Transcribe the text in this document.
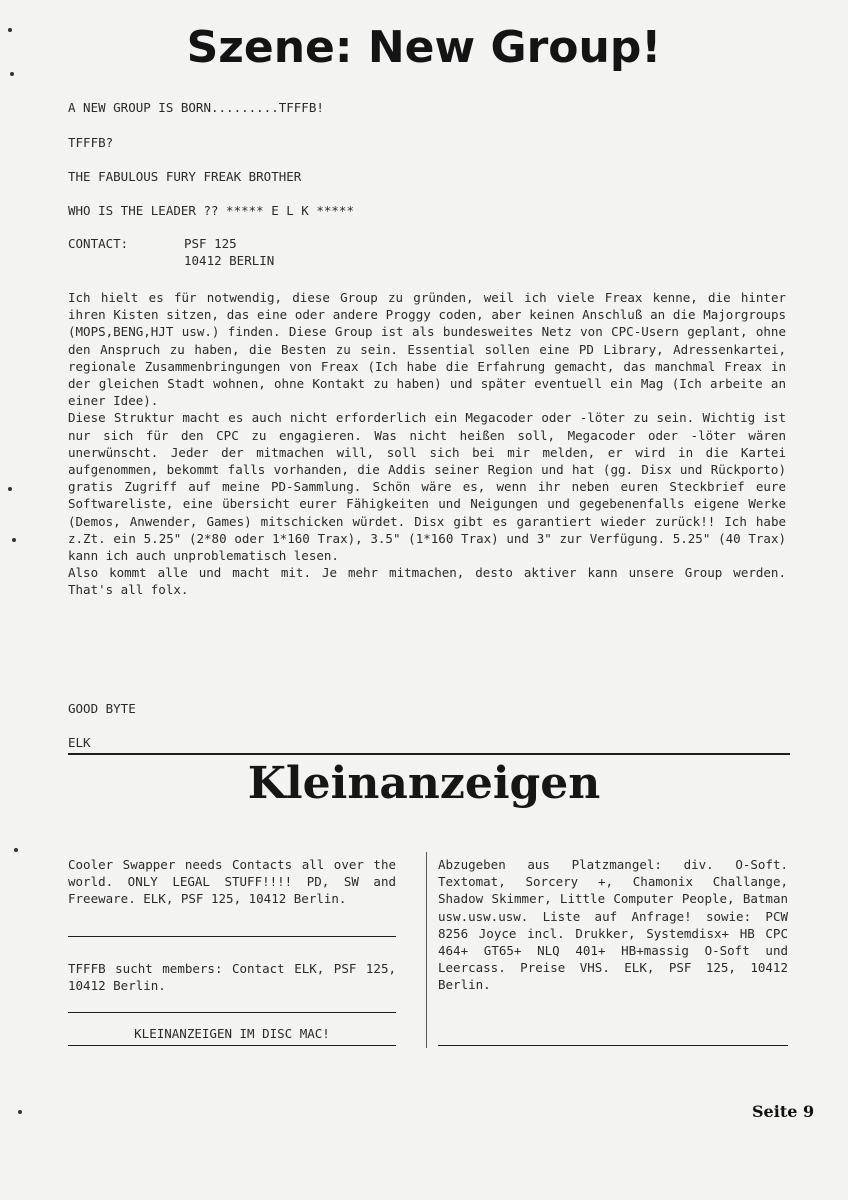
Szene: New Group!
A NEW GROUP IS BORN.........TFFFB!
TFFFB?
THE FABULOUS FURY FREAK BROTHER
WHO IS THE LEADER ?? ***** E L K *****
CONTACT:	PSF 125
10412 BERLIN

Ich hielt es für notwendig, diese Group zu gründen, weil ich viele Freax kenne, die hinter ihren Kisten sitzen, das eine oder andere Proggy coden, aber keinen Anschluß an die Majorgroups (MOPS,BENG,HJT usw.) finden. Diese Group ist als bundesweites Netz von CPC-Usern geplant, ohne den Anspruch zu haben, die Besten zu sein. Essential sollen eine PD Library, Adressenkartei, regionale Zusammenbringungen von Freax (Ich habe die Erfahrung gemacht, das manchmal Freax in der gleichen Stadt wohnen, ohne Kontakt zu haben) und später eventuell ein Mag (Ich arbeite an einer Idee).

Diese Struktur macht es auch nicht erforderlich ein Megacoder oder -löter zu sein. Wichtig ist nur sich für den CPC zu engagieren. Was nicht heißen soll, Megacoder oder -löter wären unerwünscht. Jeder der mitmachen will, soll sich bei mir melden, er wird in die Kartei aufgenommen, bekommt falls vorhanden, die Addis seiner Region und hat (gg. Disx und Rückporto) gratis Zugriff auf meine PD-Sammlung. Schön wäre es, wenn ihr neben euren Steckbrief eure Softwareliste, eine übersicht eurer Fähigkeiten und Neigungen und gegebenenfalls eigene Werke (Demos, Anwender, Games) mitschicken würdet. Disx gibt es garantiert wieder zurück!! Ich habe z.Zt. ein 5.25" (2*80 oder 1*160 Trax), 3.5" (1*160 Trax) und 3" zur Verfügung. 5.25" (40 Trax) kann ich auch unproblematisch lesen.

Also kommt alle und macht mit. Je mehr mitmachen, desto aktiver kann unsere Group werden. That's all folx.

GOOD BYTE
ELK
Kleinanzeigen
Cooler Swapper needs Contacts all over the world. ONLY LEGAL STUFF!!!! PD, SW and Freeware. ELK, PSF 125, 10412 Berlin.
TFFFB sucht members: Contact ELK, PSF 125, 10412 Berlin.
KLEINANZEIGEN IM DISC MAC!
Abzugeben aus Platzmangel: div. O-Soft. Textomat, Sorcery +, Chamonix Challange, Shadow Skimmer, Little Computer People, Batman usw.usw.usw. Liste auf Anfrage! sowie: PCW 8256 Joyce incl. Drukker, Systemdisx+ HB CPC 464+ GT65+ NLQ 401+ HB+massig O-Soft und Leercass. Preise VHS. ELK, PSF 125, 10412 Berlin.
Seite 9
